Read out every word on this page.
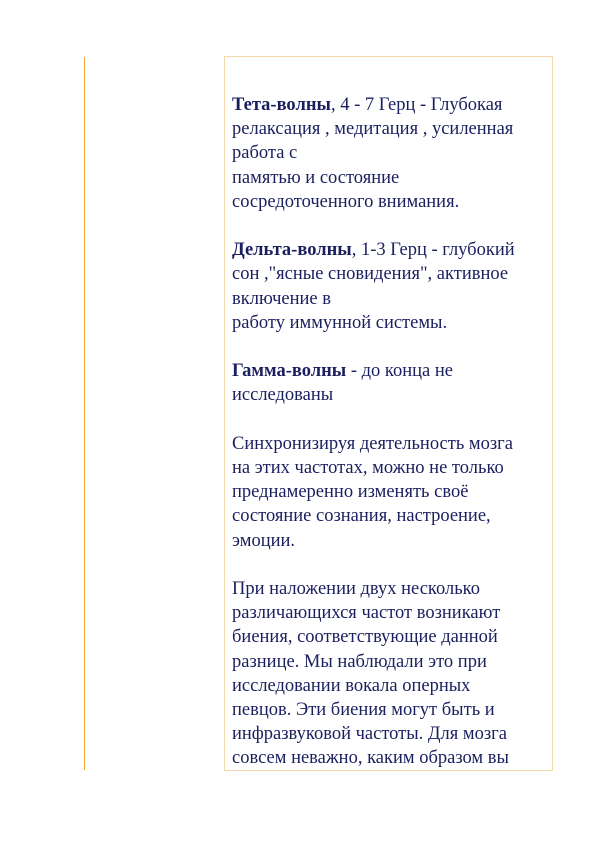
Тета-волны, 4 - 7 Герц - Глубокая
релаксация , медитация , усиленная
работа с
памятью и состояние
сосредоточенного внимания.

Дельта-волны, 1-3 Герц - глубокий
сон ,"ясные сновидения", активное
включение в
работу иммунной системы.

Гамма-волны - до конца не
исследованы

Синхронизируя деятельность мозга
на этих частотах, можно не только
преднамеренно изменять своё
состояние сознания, настроение,
эмоции.

При наложении двух несколько
различающихся частот возникают
биения, соответствующие данной
разнице. Мы наблюдали это при
исследовании вокала оперных
певцов. Эти биения могут быть и
инфразвуковой частоты. Для мозга
совсем неважно, каким образом вы
